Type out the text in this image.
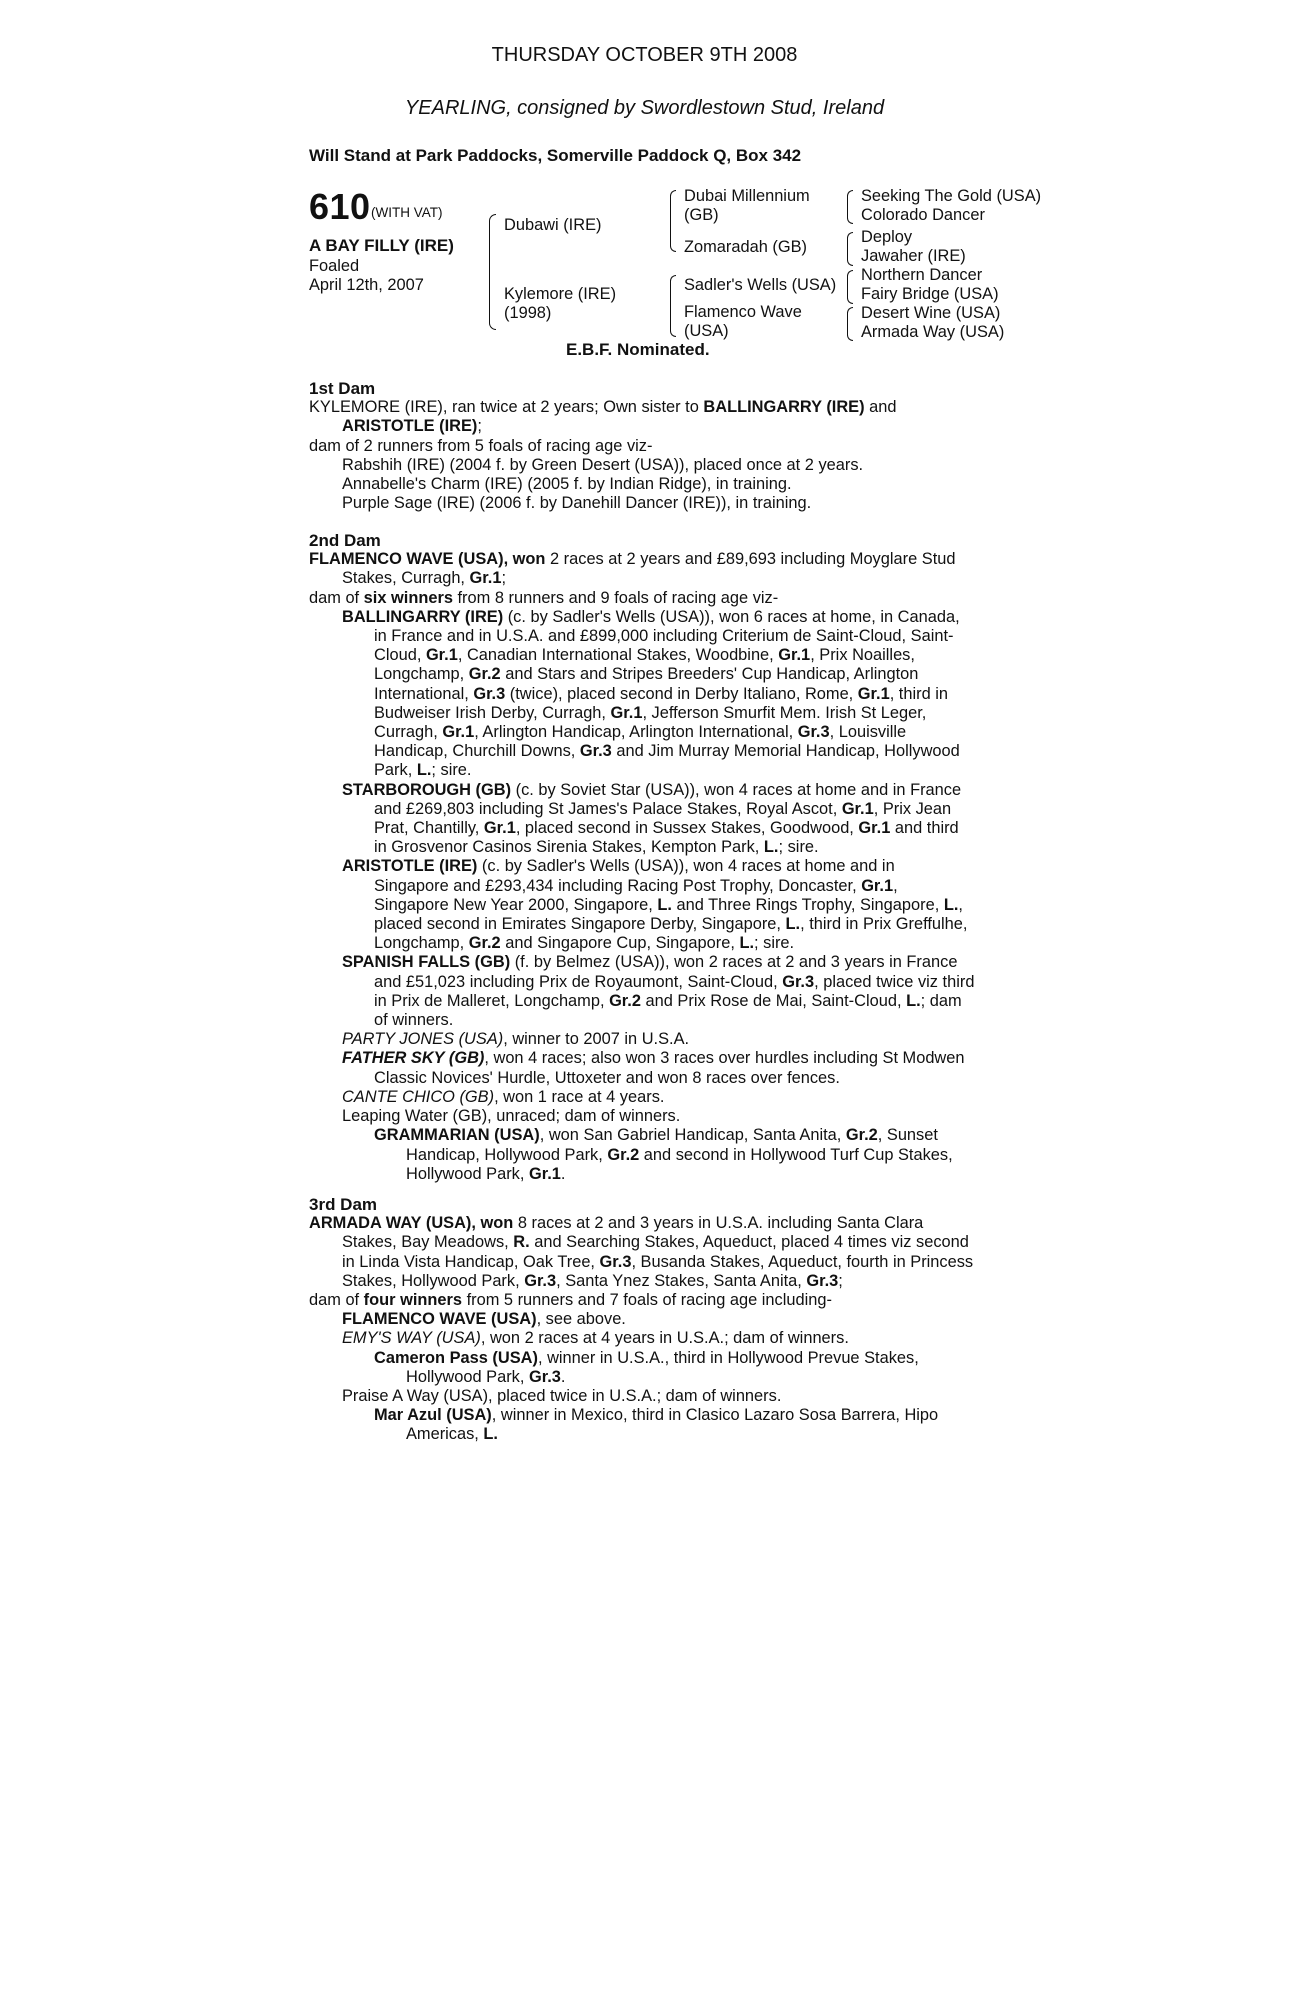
THURSDAY OCTOBER 9TH 2008
YEARLING, consigned by Swordlestown Stud, Ireland
Will Stand at Park Paddocks, Somerville Paddock Q, Box 342
610 (WITH VAT)
A BAY FILLY (IRE)
Foaled
April 12th, 2007
Dubawi (IRE)
Kylemore (IRE)
(1998)
Dubai Millennium
(GB)
Zomaradah (GB)
Sadler's Wells (USA)
Flamenco Wave
(USA)
Seeking The Gold (USA)
Colorado Dancer
Deploy
Jawaher (IRE)
Northern Dancer
Fairy Bridge (USA)
Desert Wine (USA)
Armada Way (USA)
E.B.F. Nominated.

1st Dam

KYLEMORE (IRE), ran twice at 2 years; Own sister to BALLINGARRY (IRE) and

ARISTOTLE (IRE);

dam of 2 runners from 5 foals of racing age viz-

Rabshih (IRE) (2004 f. by Green Desert (USA)), placed once at 2 years.

Annabelle's Charm (IRE) (2005 f. by Indian Ridge), in training.

Purple Sage (IRE) (2006 f. by Danehill Dancer (IRE)), in training.

2nd Dam

FLAMENCO WAVE (USA), won 2 races at 2 years and £89,693 including Moyglare Stud

Stakes, Curragh, Gr.1;

dam of six winners from 8 runners and 9 foals of racing age viz-

BALLINGARRY (IRE) (c. by Sadler's Wells (USA)), won 6 races at home, in Canada,

in France and in U.S.A. and £899,000 including Criterium de Saint-Cloud, Saint-

Cloud, Gr.1, Canadian International Stakes, Woodbine, Gr.1, Prix Noailles,

Longchamp, Gr.2 and Stars and Stripes Breeders' Cup Handicap, Arlington

International, Gr.3 (twice), placed second in Derby Italiano, Rome, Gr.1, third in

Budweiser Irish Derby, Curragh, Gr.1, Jefferson Smurfit Mem. Irish St Leger,

Curragh, Gr.1, Arlington Handicap, Arlington International, Gr.3, Louisville

Handicap, Churchill Downs, Gr.3 and Jim Murray Memorial Handicap, Hollywood

Park, L.; sire.

STARBOROUGH (GB) (c. by Soviet Star (USA)), won 4 races at home and in France

and £269,803 including St James's Palace Stakes, Royal Ascot, Gr.1, Prix Jean

Prat, Chantilly, Gr.1, placed second in Sussex Stakes, Goodwood, Gr.1 and third

in Grosvenor Casinos Sirenia Stakes, Kempton Park, L.; sire.

ARISTOTLE (IRE) (c. by Sadler's Wells (USA)), won 4 races at home and in

Singapore and £293,434 including Racing Post Trophy, Doncaster, Gr.1,

Singapore New Year 2000, Singapore, L. and Three Rings Trophy, Singapore, L.,

placed second in Emirates Singapore Derby, Singapore, L., third in Prix Greffulhe,

Longchamp, Gr.2 and Singapore Cup, Singapore, L.; sire.

SPANISH FALLS (GB) (f. by Belmez (USA)), won 2 races at 2 and 3 years in France

and £51,023 including Prix de Royaumont, Saint-Cloud, Gr.3, placed twice viz third

in Prix de Malleret, Longchamp, Gr.2 and Prix Rose de Mai, Saint-Cloud, L.; dam

of winners.

PARTY JONES (USA), winner to 2007 in U.S.A.

FATHER SKY (GB), won 4 races; also won 3 races over hurdles including St Modwen

Classic Novices' Hurdle, Uttoxeter and won 8 races over fences.

CANTE CHICO (GB), won 1 race at 4 years.

Leaping Water (GB), unraced; dam of winners.

GRAMMARIAN (USA), won San Gabriel Handicap, Santa Anita, Gr.2, Sunset

Handicap, Hollywood Park, Gr.2 and second in Hollywood Turf Cup Stakes,

Hollywood Park, Gr.1.

3rd Dam

ARMADA WAY (USA), won 8 races at 2 and 3 years in U.S.A. including Santa Clara

Stakes, Bay Meadows, R. and Searching Stakes, Aqueduct, placed 4 times viz second

in Linda Vista Handicap, Oak Tree, Gr.3, Busanda Stakes, Aqueduct, fourth in Princess

Stakes, Hollywood Park, Gr.3, Santa Ynez Stakes, Santa Anita, Gr.3;

dam of four winners from 5 runners and 7 foals of racing age including-

FLAMENCO WAVE (USA), see above.

EMY'S WAY (USA), won 2 races at 4 years in U.S.A.; dam of winners.

Cameron Pass (USA), winner in U.S.A., third in Hollywood Prevue Stakes,

Hollywood Park, Gr.3.

Praise A Way (USA), placed twice in U.S.A.; dam of winners.

Mar Azul (USA), winner in Mexico, third in Clasico Lazaro Sosa Barrera, Hipo

Americas, L.
